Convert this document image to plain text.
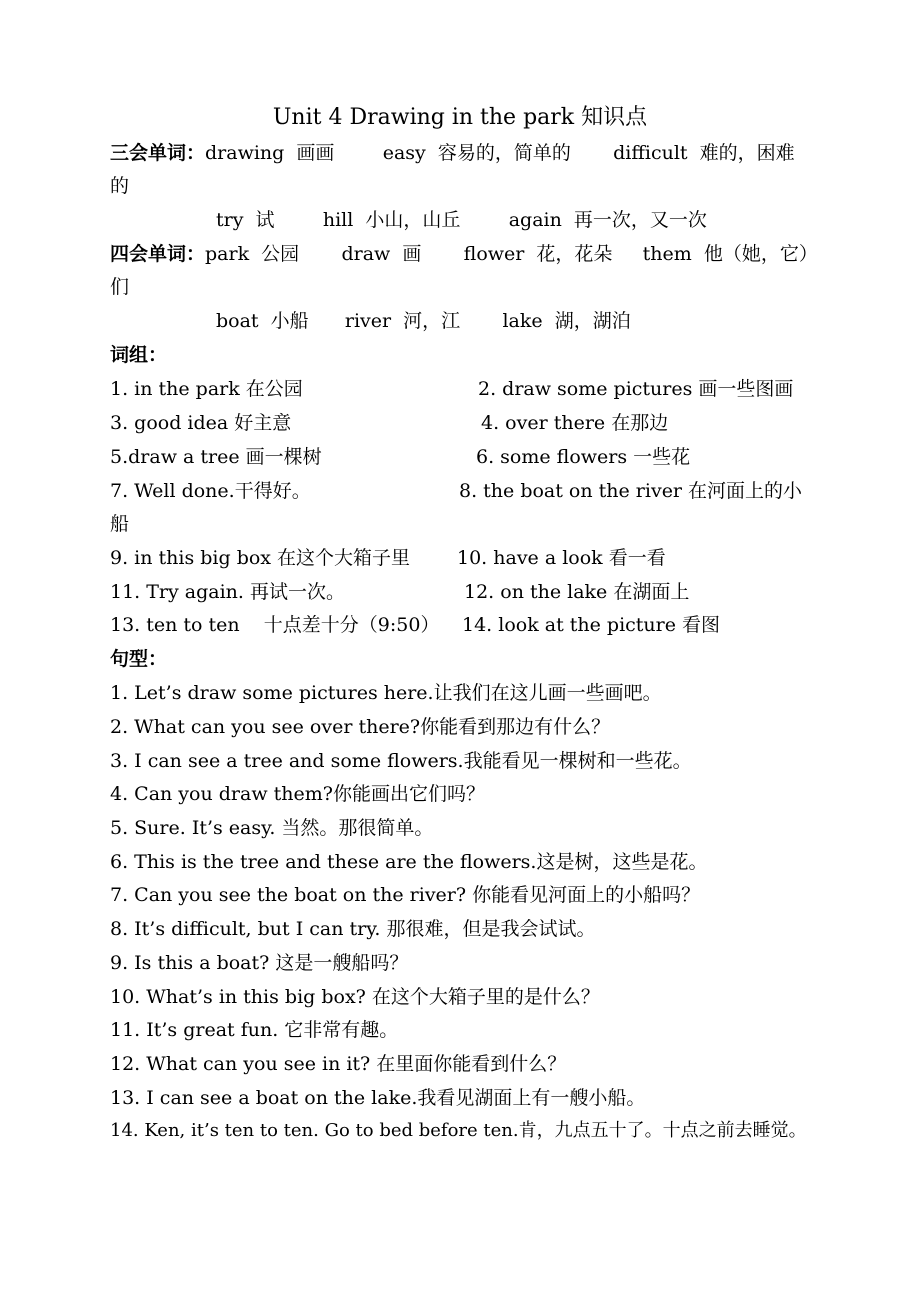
Unit 4 Drawing in the park 知识点
三会单词：drawing  画画        easy  容易的，简单的       difficult  难的，困难
的
try  试        hill  小山，山丘        again  再一次，又一次
四会单词：park  公园       draw  画       flower  花，花朵     them  他（她，它）
们
boat  小船      river  河，江       lake  湖，湖泊
词组：
1. in the park 在公园	2. draw some pictures 画一些图画
3. good idea 好主意	4. over there 在那边
5.draw a tree 画一棵树	6. some flowers 一些花
7. Well done.干得好。	8. the boat on the river 在河面上的小
船
9. in this big box 在这个大箱子里 10. have a look 看一看
11. Try again. 再试一次。	12. on the lake 在湖面上
13. ten to ten    十点差十分（9:50） 14. look at the picture 看图
句型：
1. Let’s draw some pictures here.让我们在这儿画一些画吧。
2. What can you see over there?你能看到那边有什么？
3. I can see a tree and some flowers.我能看见一棵树和一些花。
4. Can you draw them?你能画出它们吗？
5. Sure. It’s easy. 当然。那很简单。
6. This is the tree and these are the flowers.这是树，这些是花。
7. Can you see the boat on the river? 你能看见河面上的小船吗？
8. It’s difficult, but I can try. 那很难，但是我会试试。
9. Is this a boat? 这是一艘船吗？
10. What’s in this big box? 在这个大箱子里的是什么？
11. It’s great fun. 它非常有趣。
12. What can you see in it? 在里面你能看到什么？
13. I can see a boat on the lake.我看见湖面上有一艘小船。
14. Ken, it’s ten to ten. Go to bed before ten.肯，九点五十了。十点之前去睡觉。
